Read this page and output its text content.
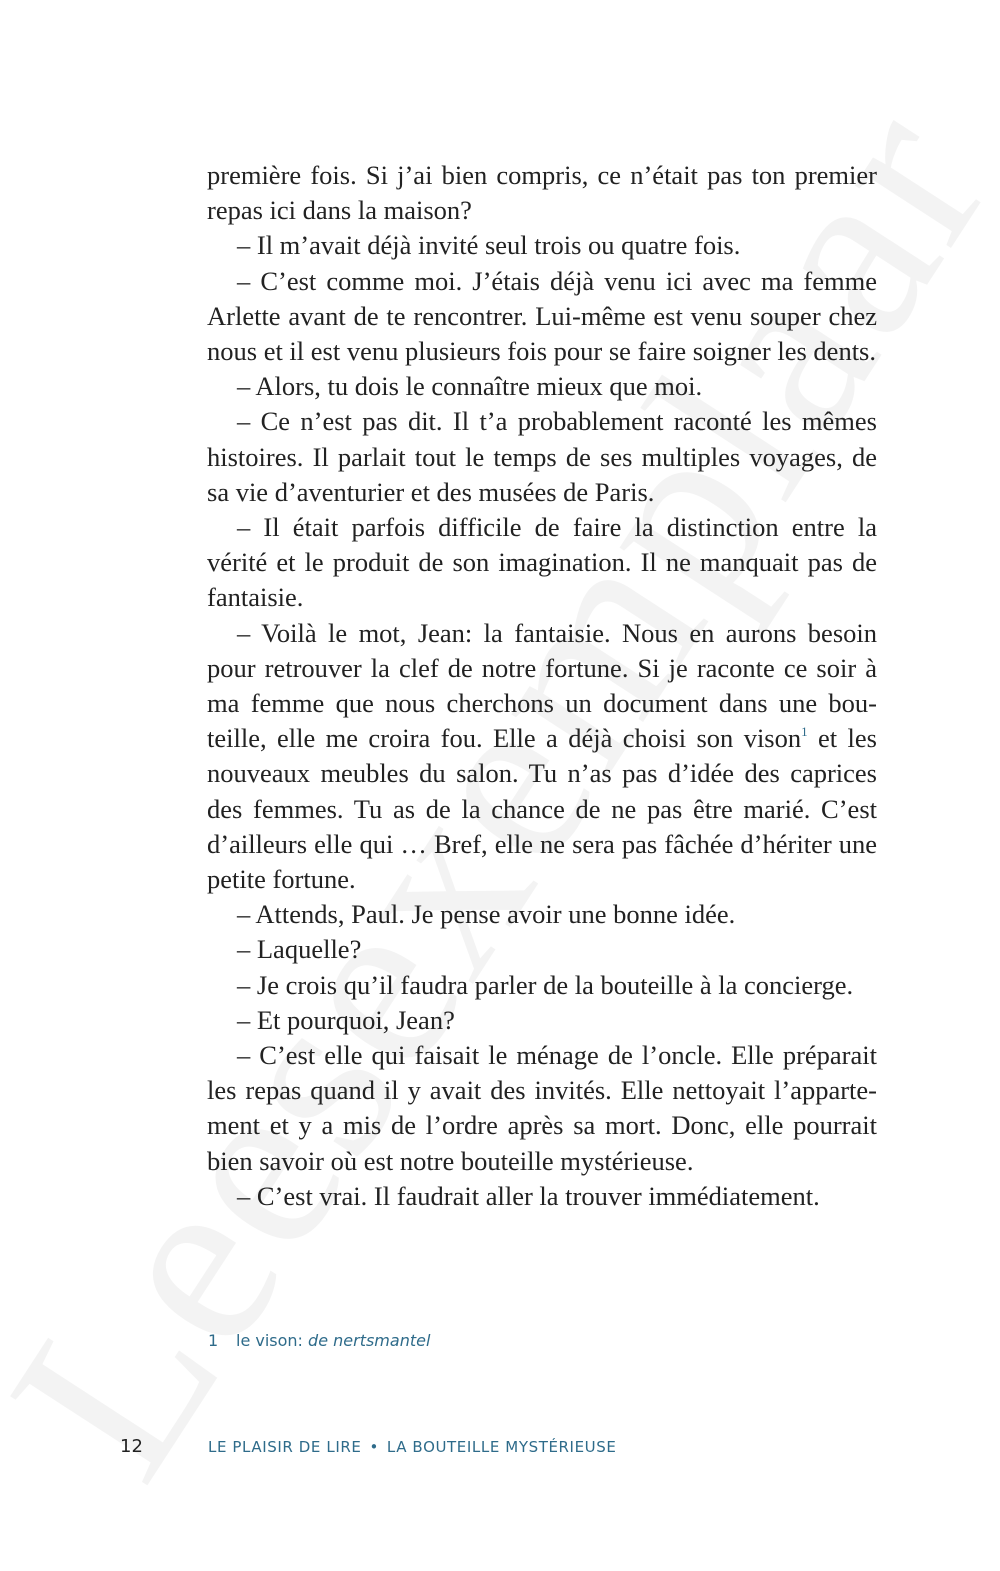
première fois. Si j’ai bien compris, ce n’était pas ton premier repas ici dans la maison?

– Il m’avait déjà invité seul trois ou quatre fois.

– C’est comme moi. J’étais déjà venu ici avec ma femme Arlette avant de te rencontrer. Lui-même est venu souper chez nous et il est venu plusieurs fois pour se faire soigner les dents.

– Alors, tu dois le connaître mieux que moi.

– Ce n’est pas dit. Il t’a probablement raconté les mêmes histoires. Il parlait tout le temps de ses multiples voyages, de sa vie d’aventurier et des musées de Paris.

– Il était parfois difficile de faire la distinction entre la vérité et le produit de son imagination. Il ne manquait pas de fantaisie.

– Voilà le mot, Jean: la fantaisie. Nous en aurons besoin pour retrouver la clef de notre fortune. Si je raconte ce soir à ma femme que nous cherchons un document dans une bouteille, elle me croira fou. Elle a déjà choisi son vison$^1$ et les nouveaux meubles du salon. Tu n’as pas d’idée des caprices des femmes. Tu as de la chance de ne pas être marié. C’est d’ailleurs elle qui … Bref, elle ne sera pas fâchée d’hériter une petite fortune.

– Attends, Paul. Je pense avoir une bonne idée.

– Laquelle?

– Je crois qu’il faudra parler de la bouteille à la concierge.

– Et pourquoi, Jean?

– C’est elle qui faisait le ménage de l’oncle. Elle préparait les repas quand il y avait des invités. Elle nettoyait l’appartement et y a mis de l’ordre après sa mort. Donc, elle pourrait bien savoir où est notre bouteille mystérieuse.

– C’est vrai. Il faudrait aller la trouver immédiatement.

1 le vison: de nertsmantel
12	LE PLAISIR DE LIRE • LA BOUTEILLE MYSTÉRIEUSE
